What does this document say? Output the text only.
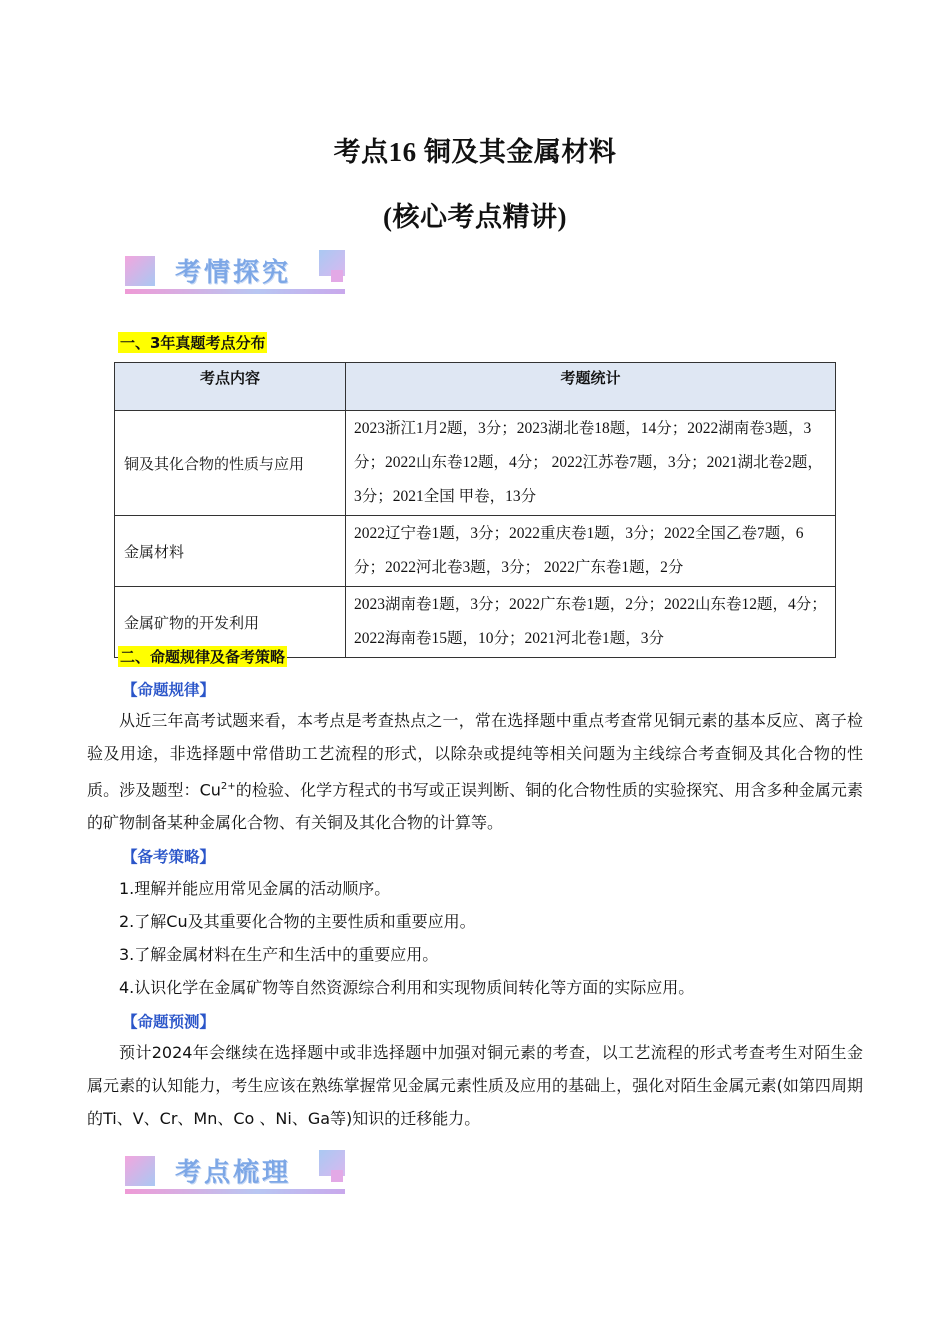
考点16 铜及其金属材料
(核心考点精讲)
考情探究
一、3年真题考点分布
考点内容	考题统计
铜及其化合物的性质与应用	2023浙江1月2题，3分；2023湖北卷18题，14分；2022湖南卷3题，3分；2022山东卷12题，4分； 2022江苏卷7题，3分；2021湖北卷2题，3分；2021全国 甲卷，13分
金属材料	2022辽宁卷1题，3分；2022重庆卷1题，3分；2022全国乙卷7题，6分；2022河北卷3题，3分； 2022广东卷1题，2分
金属矿物的开发利用	2023湖南卷1题，3分；2022广东卷1题，2分；2022山东卷12题，4分；2022海南卷15题，10分；2021河北卷1题，3分
二、命题规律及备考策略
【命题规律】
从近三年高考试题来看，本考点是考查热点之一，常在选择题中重点考查常见铜元素的基本反应、离子检验及用途，非选择题中常借助工艺流程的形式，以除杂或提纯等相关问题为主线综合考查铜及其化合物的性质。涉及题型：$Cu^{2+}$的检验、化学方程式的书写或正误判断、铜的化合物性质的实验探究、用含多种金属元素的矿物制备某种金属化合物、有关铜及其化合物的计算等。
【备考策略】
1.理解并能应用常见金属的活动顺序。
2.了解Cu及其重要化合物的主要性质和重要应用。
3.了解金属材料在生产和生活中的重要应用。
4.认识化学在金属矿物等自然资源综合利用和实现物质间转化等方面的实际应用。
【命题预测】
预计2024年会继续在选择题中或非选择题中加强对铜元素的考查，以工艺流程的形式考查考生对陌生金属元素的认知能力，考生应该在熟练掌握常见金属元素性质及应用的基础上，强化对陌生金属元素(如第四周期的Ti、V、Cr、Mn、Co 、Ni、Ga等)知识的迁移能力。
考点梳理
